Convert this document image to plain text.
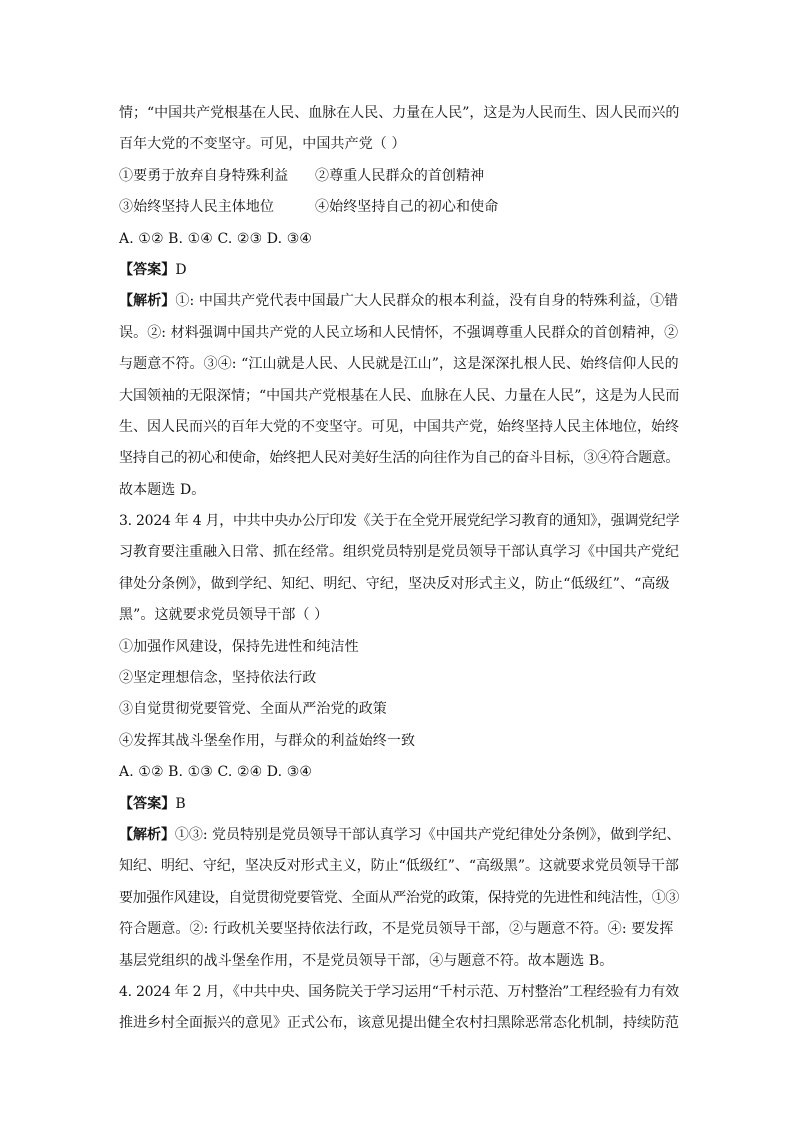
情；“中国共产党根基在人民、血脉在人民、力量在人民”，这是为人民而生、因人民而兴的
百年大党的不变坚守。可见，中国共产党（ ）
①要勇于放弃自身特殊利益 ②尊重人民群众的首创精神
③始终坚持人民主体地位	④始终坚持自己的初心和使命
A. ①② B. ①④ C. ②③ D. ③④
【答案】D
【解析】①: 中国共产党代表中国最广大人民群众的根本利益，没有自身的特殊利益，①错
误。②: 材料强调中国共产党的人民立场和人民情怀，不强调尊重人民群众的首创精神，②
与题意不符。③④: “江山就是人民、人民就是江山”，这是深深扎根人民、始终信仰人民的
大国领袖的无限深情；“中国共产党根基在人民、血脉在人民、力量在人民”，这是为人民而
生、因人民而兴的百年大党的不变坚守。可见，中国共产党，始终坚持人民主体地位，始终
坚持自己的初心和使命，始终把人民对美好生活的向往作为自己的奋斗目标，③④符合题意。
故本题选 D。
3. 2024 年 4 月，中共中央办公厅印发《关于在全党开展党纪学习教育的通知》，强调党纪学
习教育要注重融入日常、抓在经常。组织党员特别是党员领导干部认真学习《中国共产党纪
律处分条例》，做到学纪、知纪、明纪、守纪，坚决反对形式主义，防止“低级红”、“高级
黑”。这就要求党员领导干部（ ）
①加强作风建设，保持先进性和纯洁性
②坚定理想信念，坚持依法行政
③自觉贯彻党要管党、全面从严治党的政策
④发挥其战斗堡垒作用，与群众的利益始终一致
A. ①② B. ①③ C. ②④ D. ③④
【答案】B
【解析】①③: 党员特别是党员领导干部认真学习《中国共产党纪律处分条例》，做到学纪、
知纪、明纪、守纪，坚决反对形式主义，防止“低级红”、“高级黑”。这就要求党员领导干部
要加强作风建设，自觉贯彻党要管党、全面从严治党的政策，保持党的先进性和纯洁性，①③
符合题意。②: 行政机关要坚持依法行政，不是党员领导干部，②与题意不符。④: 要发挥
基层党组织的战斗堡垒作用，不是党员领导干部，④与题意不符。故本题选 B。
4. 2024 年 2 月，《中共中央、国务院关于学习运用“千村示范、万村整治”工程经验有力有效
推进乡村全面振兴的意见》正式公布，该意见提出健全农村扫黑除恶常态化机制，持续防范
